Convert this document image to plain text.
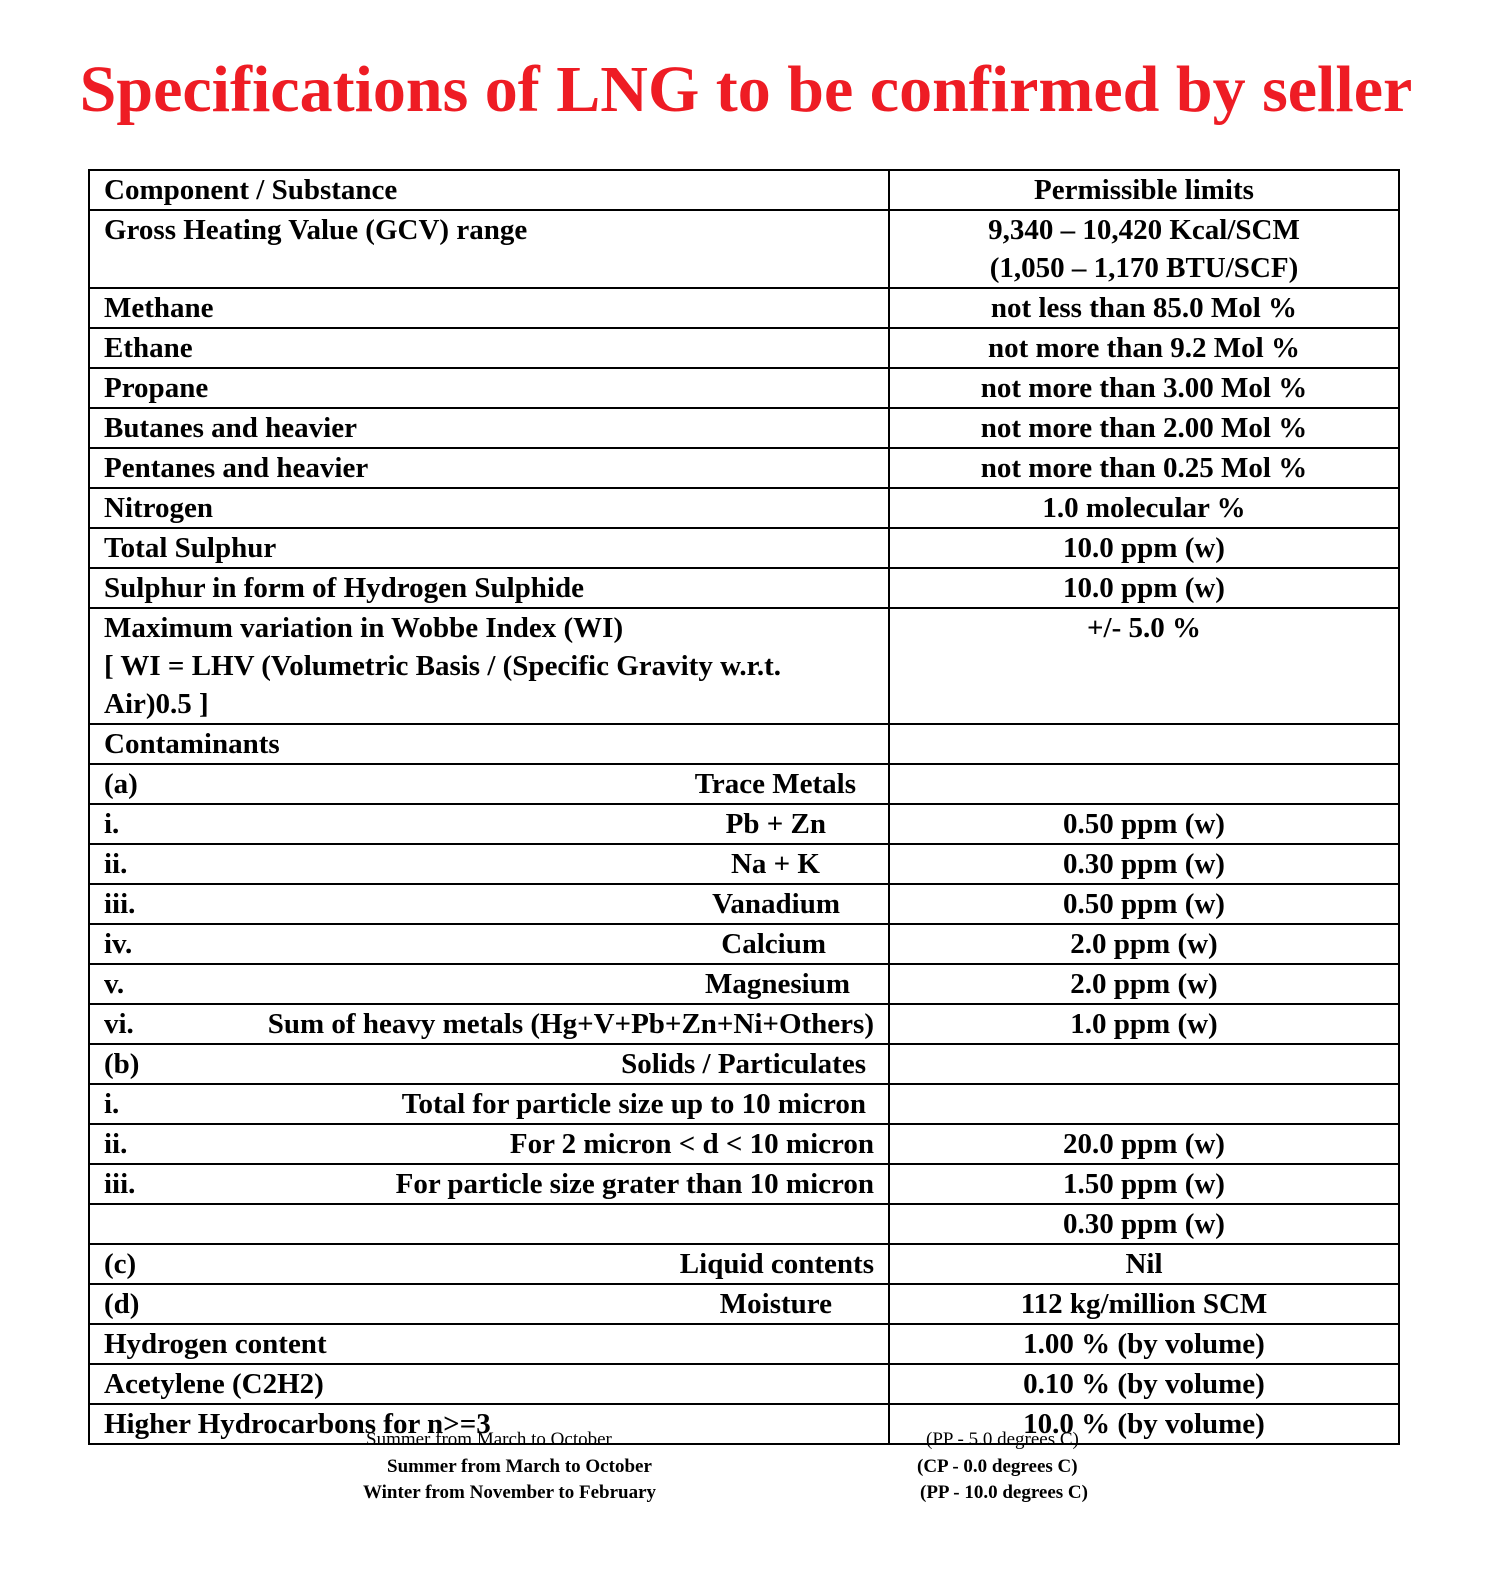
Specifications of LNG to be confirmed by seller
Component / Substance	Permissible limits
Gross Heating Value (GCV) range	9,340 – 10,420 Kcal/SCM
(1,050 – 1,170 BTU/SCF)

Methane	not less than 85.0 Mol %
Ethane	not more than 9.2 Mol %
Propane	not more than 3.00 Mol %
Butanes and heavier	not more than 2.00 Mol %
Pentanes and heavier	not more than 0.25 Mol %
Nitrogen	1.0 molecular %
Total Sulphur	10.0 ppm (w)
Sulphur in form of Hydrogen Sulphide	10.0 ppm (w)

Maximum variation in Wobbe Index (WI)
[ WI = LHV (Volumetric Basis / (Specific Gravity w.r.t.
Air)0.5 ]	+/- 5.0 %
Contaminants	

(a) Trace Metals	

i. Pb + Zn	0.50 ppm (w)

ii. Na + K	0.30 ppm (w)

iii. Vanadium	0.50 ppm (w)

iv. Calcium	2.0 ppm (w)

v. Magnesium	2.0 ppm (w)

vi. Sum of heavy metals (Hg+V+Pb+Zn+Ni+Others)	1.0 ppm (w)

(b) Solids / Particulates	

i. Total for particle size up to 10 micron	

ii. For 2 micron < d < 10 micron	20.0 ppm (w)

iii. For particle size grater than 10 micron	1.50 ppm (w)

	0.30 ppm (w)

(c) Liquid contents	Nil

(d) Moisture	112 kg/million SCM
Hydrogen content	1.00 % (by volume)
Acetylene (C2H2)	0.10 % (by volume)
Higher Hydrocarbons for n>=3	10.0 % (by volume)
Summer from March to October	(PP - 5.0 degrees C)
Summer from March to October	(CP - 0.0 degrees C)
Winter from November to February	(PP - 10.0 degrees C)
